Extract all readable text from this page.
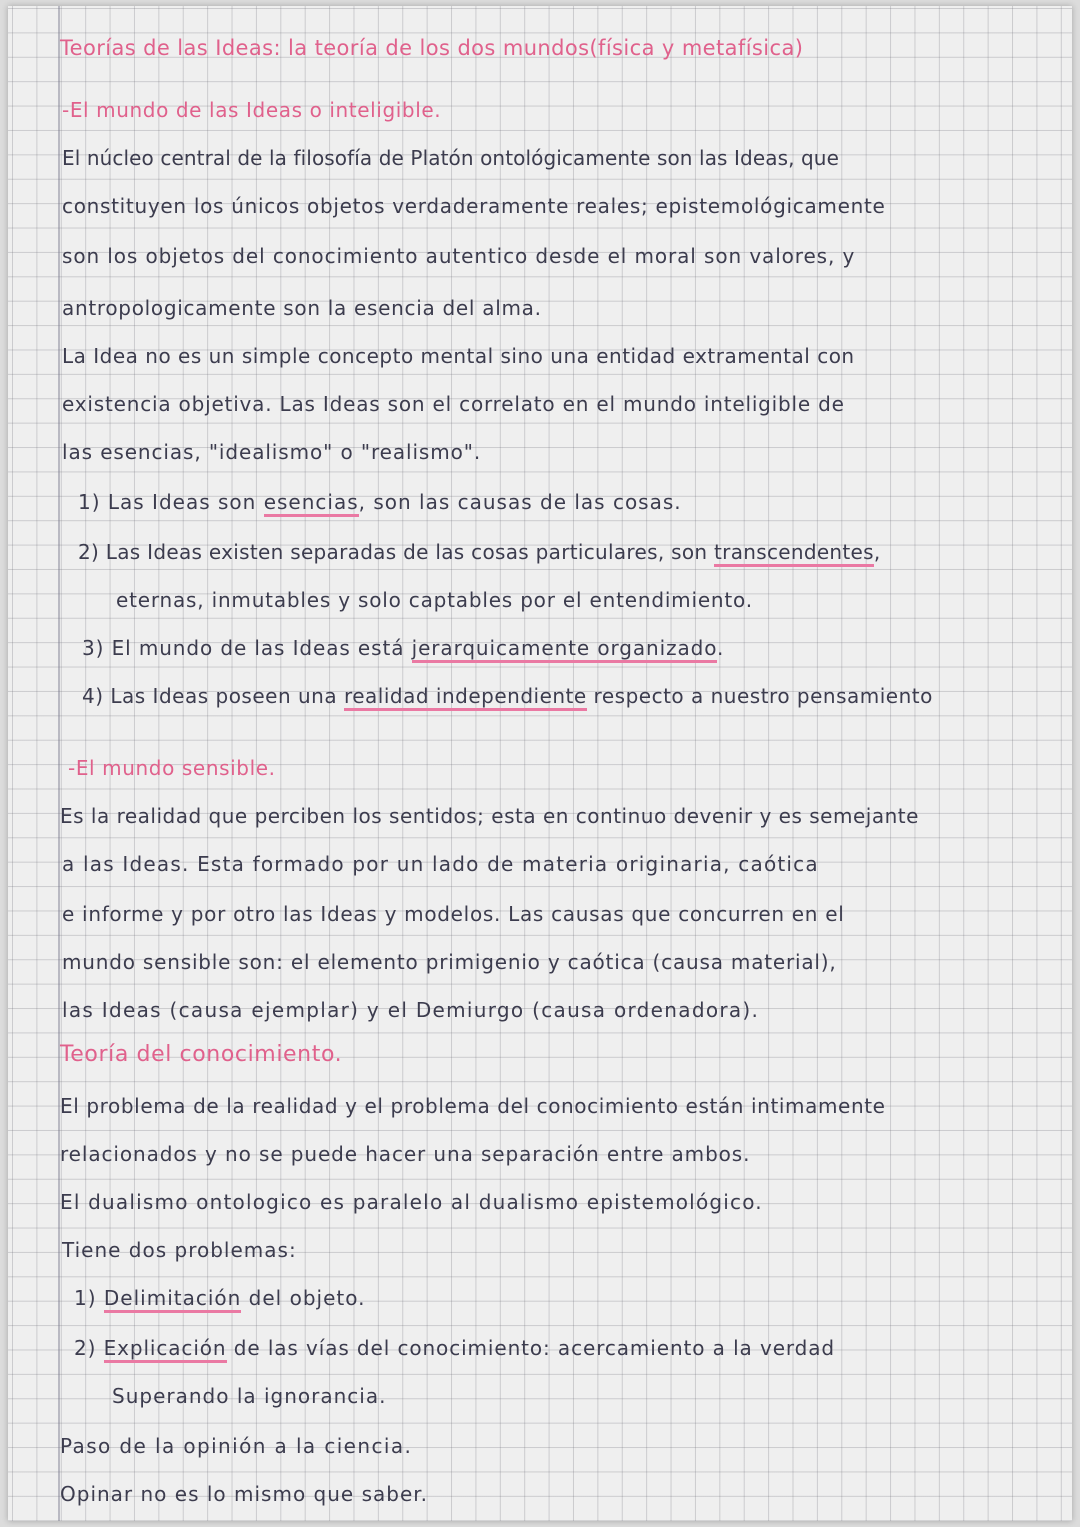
Teorías de las Ideas: la teoría de los dos mundos(física y metafísica)
-El mundo de las Ideas o inteligible.
El núcleo central de la filosofía de Platón ontológicamente son las Ideas, que
constituyen los únicos objetos verdaderamente reales; epistemológicamente
son los objetos del conocimiento autentico desde el moral son valores, y
antropologicamente son la esencia del alma.
La Idea no es un simple concepto mental sino una entidad extramental con
existencia objetiva. Las Ideas son el correlato en el mundo inteligible de
las esencias, "idealismo" o "realismo".
1) Las Ideas son esencias, son las causas de las cosas.
2) Las Ideas existen separadas de las cosas particulares, son transcendentes,
eternas, inmutables y solo captables por el entendimiento.
3) El mundo de las Ideas está jerarquicamente organizado.
4) Las Ideas poseen una realidad independiente respecto a nuestro pensamiento
-El mundo sensible.
Es la realidad que perciben los sentidos; esta en continuo devenir y es semejante
a las Ideas. Esta formado por un lado de materia originaria, caótica
e informe y por otro las Ideas y modelos. Las causas que concurren en el
mundo sensible son: el elemento primigenio y caótica (causa material),
las Ideas (causa ejemplar) y el Demiurgo (causa ordenadora).
Teoría del conocimiento.
El problema de la realidad y el problema del conocimiento están intimamente
relacionados y no se puede hacer una separación entre ambos.
El dualismo ontologico es paralelo al dualismo epistemológico.
Tiene dos problemas:
1) Delimitación del objeto.
2) Explicación de las vías del conocimiento: acercamiento a la verdad
Superando la ignorancia.
Paso de la opinión a la ciencia.
Opinar no es lo mismo que saber.
